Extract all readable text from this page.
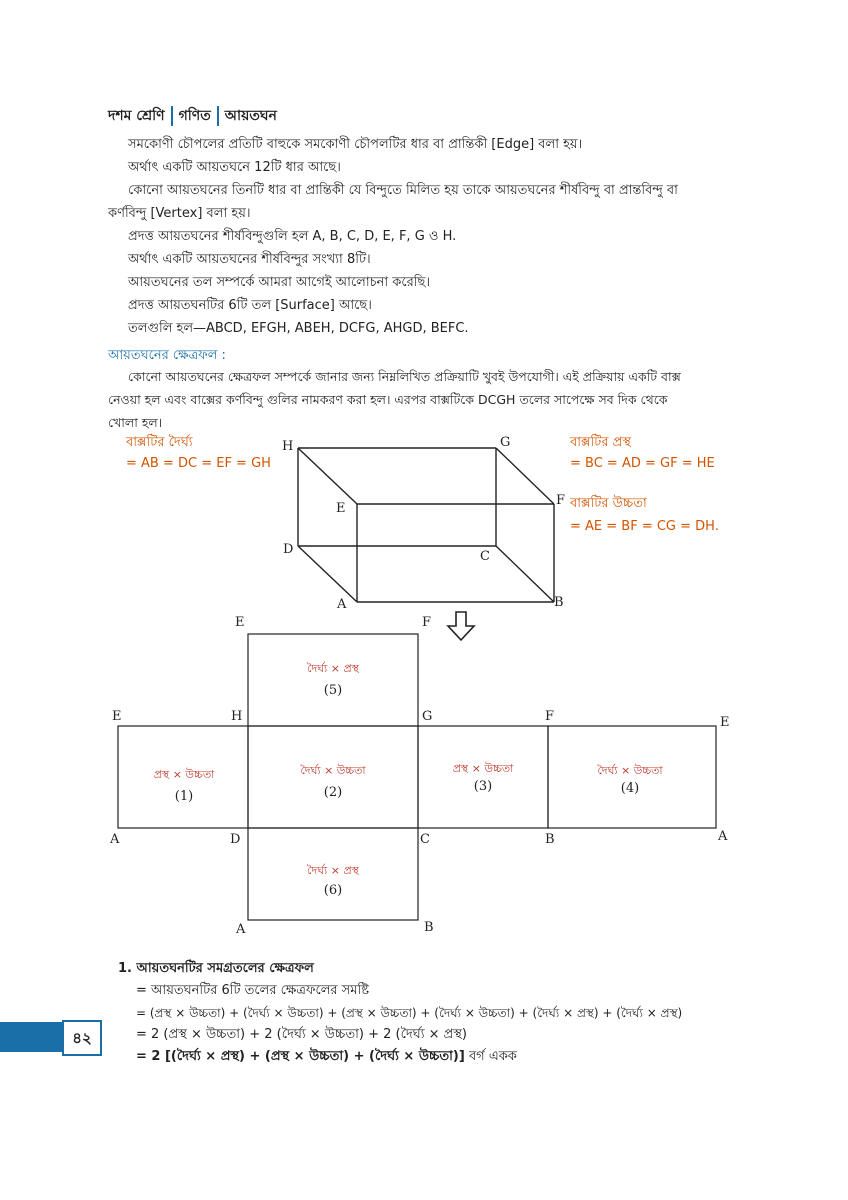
দশম শ্রেণি গণিত আয়তঘন
সমকোণী চৌপলের প্রতিটি বাহুকে সমকোণী চৌপলটির ধার বা প্রান্তিকী [Edge] বলা হয়।
অর্থাৎ একটি আয়তঘনে 12টি ধার আছে।
কোনো আয়তঘনের তিনটি ধার বা প্রান্তিকী যে বিন্দুতে মিলিত হয় তাকে আয়তঘনের শীর্ষবিন্দু বা প্রান্তবিন্দু বা
কর্ণবিন্দু [Vertex] বলা হয়।
প্রদত্ত আয়তঘনের শীর্ষবিন্দুগুলি হল A, B, C, D, E, F, G ও H.
অর্থাৎ একটি আয়তঘনের শীর্ষবিন্দুর সংখ্যা 8টি।
আয়তঘনের তল সম্পর্কে আমরা আগেই আলোচনা করেছি।
প্রদত্ত আয়তঘনটির 6টি তল [Surface] আছে।
তলগুলি হল—ABCD, EFGH, ABEH, DCFG, AHGD, BEFC.
আয়তঘনের ক্ষেত্রফল :
কোনো আয়তঘনের ক্ষেত্রফল সম্পর্কে জানার জন্য নিম্নলিখিত প্রক্রিয়াটি খুবই উপযোগী। এই প্রক্রিয়ায় একটি বাক্স
নেওয়া হল এবং বাক্সের কর্ণবিন্দু গুলির নামকরণ করা হল। এরপর বাক্সটিকে DCGH তলের সাপেক্ষে সব দিক থেকে
খোলা হল।
H	G
E
F
D	C
A	B
বাক্সটির দৈর্ঘ্য
= AB = DC = EF = GH
বাক্সটির প্রস্থ
= BC = AD = GF = HE
বাক্সটির উচ্চতা
= AE = BF = CG = DH.
E	F
E	H	G	F	E
A	D	C	B	A
A	B
দৈর্ঘ্য × প্রস্থ
(5)
প্রস্থ × উচ্চতা
(1)
দৈর্ঘ্য × উচ্চতা
(2)
প্রস্থ × উচ্চতা
(3)
দৈর্ঘ্য × উচ্চতা
(4)
দৈর্ঘ্য × প্রস্থ
(6)
1. আয়তঘনটির সমগ্রতলের ক্ষেত্রফল
= আয়তঘনটির 6টি তলের ক্ষেত্রফলের সমষ্টি
= (প্রস্থ × উচ্চতা) + (দৈর্ঘ্য × উচ্চতা) + (প্রস্থ × উচ্চতা) + (দৈর্ঘ্য × উচ্চতা) + (দৈর্ঘ্য × প্রস্থ) + (দৈর্ঘ্য × প্রস্থ)
= 2 (প্রস্থ × উচ্চতা) + 2 (দৈর্ঘ্য × উচ্চতা) + 2 (দৈর্ঘ্য × প্রস্থ)
= 2 [(দৈর্ঘ্য × প্রস্থ) + (প্রস্থ × উচ্চতা) + (দৈর্ঘ্য × উচ্চতা)] বর্গ একক
৪২
